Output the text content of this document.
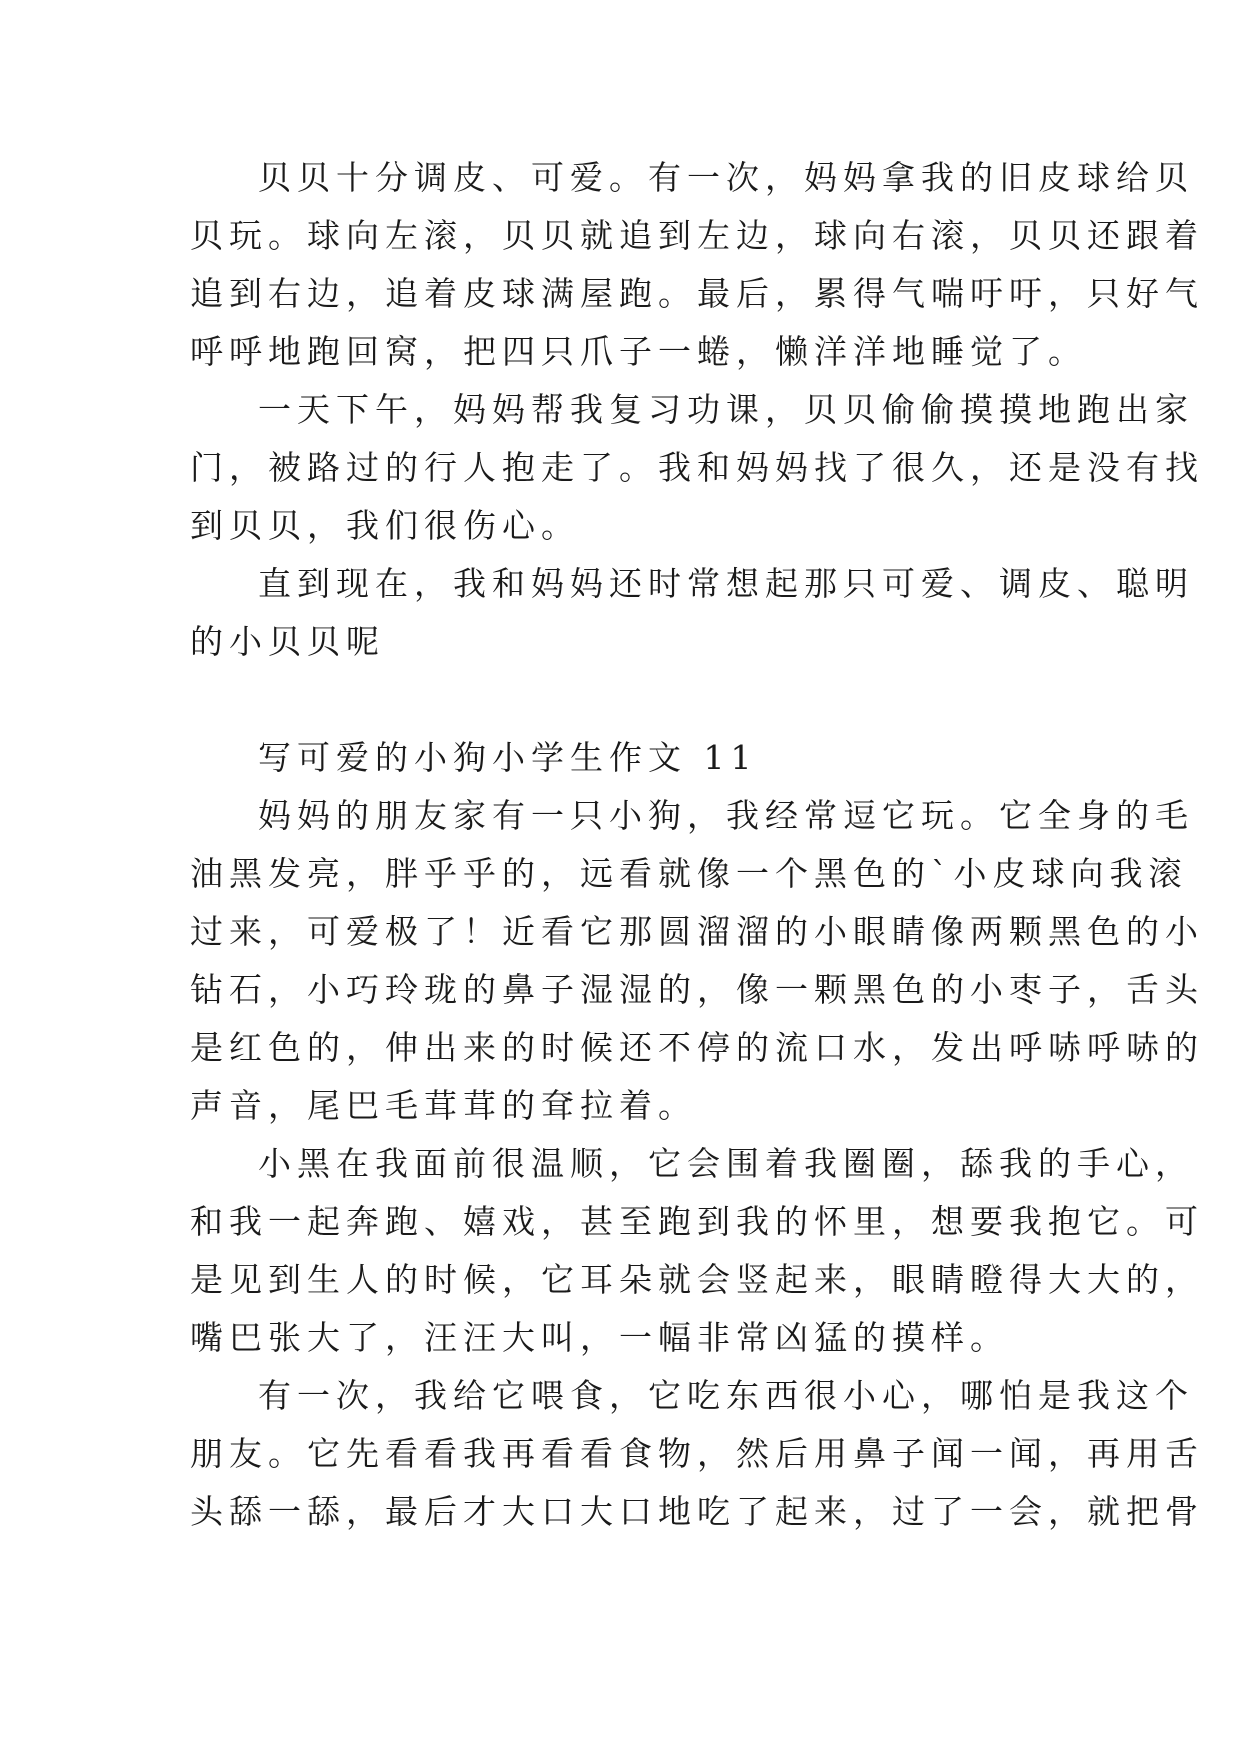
贝贝十分调皮、可爱。有一次，妈妈拿我的旧皮球给贝

贝玩。球向左滚，贝贝就追到左边，球向右滚，贝贝还跟着

追到右边，追着皮球满屋跑。最后，累得气喘吁吁，只好气

呼呼地跑回窝，把四只爪子一蜷，懒洋洋地睡觉了。

一天下午，妈妈帮我复习功课，贝贝偷偷摸摸地跑出家

门，被路过的行人抱走了。我和妈妈找了很久，还是没有找

到贝贝，我们很伤心。

直到现在，我和妈妈还时常想起那只可爱、调皮、聪明

的小贝贝呢

写可爱的小狗小学生作文 11

妈妈的朋友家有一只小狗，我经常逗它玩。它全身的毛

油黑发亮，胖乎乎的，远看就像一个黑色的`小皮球向我滚

过来，可爱极了！近看它那圆溜溜的小眼睛像两颗黑色的小

钻石，小巧玲珑的鼻子湿湿的，像一颗黑色的小枣子，舌头

是红色的，伸出来的时候还不停的流口水，发出呼哧呼哧的

声音，尾巴毛茸茸的耷拉着。

小黑在我面前很温顺，它会围着我圈圈，舔我的手心，

和我一起奔跑、嬉戏，甚至跑到我的怀里，想要我抱它。可

是见到生人的时候，它耳朵就会竖起来，眼睛瞪得大大的，

嘴巴张大了，汪汪大叫，一幅非常凶猛的摸样。

有一次，我给它喂食，它吃东西很小心，哪怕是我这个

朋友。它先看看我再看看食物，然后用鼻子闻一闻，再用舌

头舔一舔，最后才大口大口地吃了起来，过了一会，就把骨
